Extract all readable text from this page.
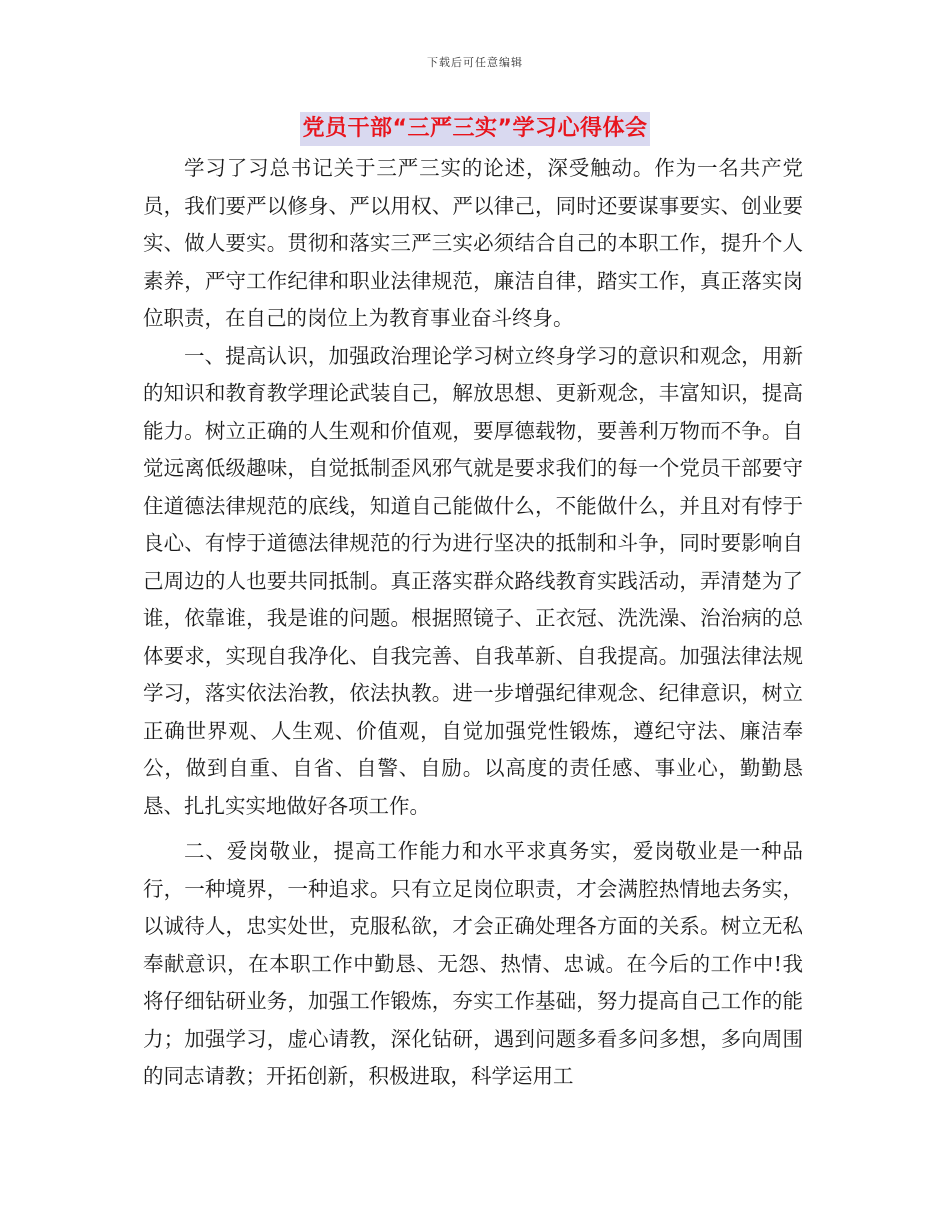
下载后可任意编辑
党员干部“三严三实”学习心得体会

学习了习总书记关于三严三实的论述，深受触动。作为一名共产党员，我们要严以修身、严以用权、严以律己，同时还要谋事要实、创业要实、做人要实。贯彻和落实三严三实必须结合自己的本职工作，提升个人素养，严守工作纪律和职业法律规范，廉洁自律，踏实工作，真正落实岗位职责，在自己的岗位上为教育事业奋斗终身。

一、提高认识，加强政治理论学习树立终身学习的意识和观念，用新的知识和教育教学理论武装自己，解放思想、更新观念，丰富知识，提高能力。树立正确的人生观和价值观，要厚德载物，要善利万物而不争。自觉远离低级趣味，自觉抵制歪风邪气就是要求我们的每一个党员干部要守住道德法律规范的底线，知道自己能做什么，不能做什么，并且对有悖于良心、有悖于道德法律规范的行为进行坚决的抵制和斗争，同时要影响自己周边的人也要共同抵制。真正落实群众路线教育实践活动，弄清楚为了谁，依靠谁，我是谁的问题。根据照镜子、正衣冠、洗洗澡、治治病的总体要求，实现自我净化、自我完善、自我革新、自我提高。加强法律法规学习，落实依法治教，依法执教。进一步增强纪律观念、纪律意识，树立正确世界观、人生观、价值观，自觉加强党性锻炼，遵纪守法、廉洁奉公，做到自重、自省、自警、自励。以高度的责任感、事业心，勤勤恳恳、扎扎实实地做好各项工作。

二、爱岗敬业，提高工作能力和水平求真务实，爱岗敬业是一种品行，一种境界，一种追求。只有立足岗位职责，才会满腔热情地去务实，以诚待人，忠实处世，克服私欲，才会正确处理各方面的关系。树立无私奉献意识，在本职工作中勤恳、无怨、热情、忠诚。在今后的工作中!我将仔细钻研业务，加强工作锻炼，夯实工作基础，努力提高自己工作的能力；加强学习，虚心请教，深化钻研，遇到问题多看多问多想，多向周围的同志请教；开拓创新，积极进取，科学运用工
